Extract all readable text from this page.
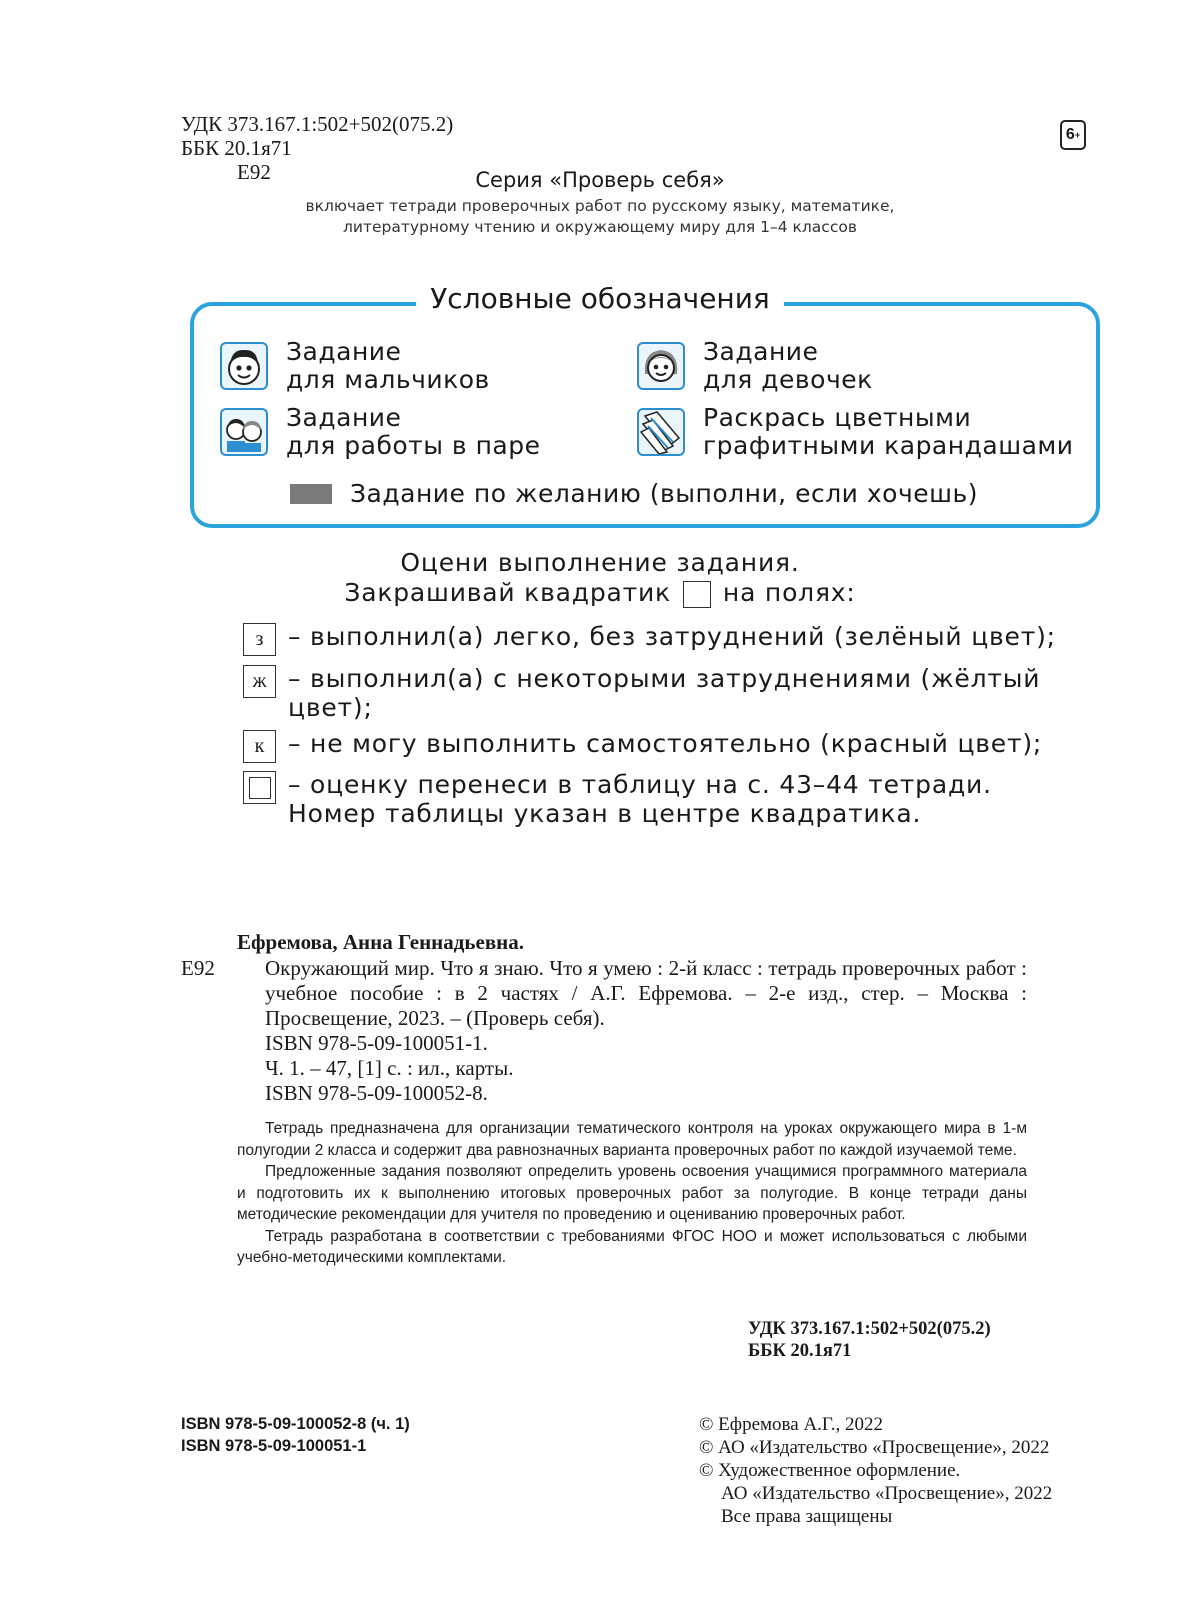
УДК 373.167.1:502+502(075.2)
ББК 20.1я71
Е92
6 +
Серия «Проверь себя»
включает тетради проверочных работ по русскому языку, математике,
литературному чтению и окружающему миру для 1–4 классов
Условные обозначения
Задание
для мальчиков
Задание
для девочек
Задание
для работы в паре
Раскрась цветными
графитными карандашами
Задание по желанию (выполни, если хочешь)
Оцени выполнение задания.
Закрашивай квадратик на полях:
з – выполнил(а) легко, без затруднений (зелёный цвет);
ж – выполнил(а) с некоторыми затруднениями (жёлтый цвет);
к – не могу выполнить самостоятельно (красный цвет);
– оценку перенеси в таблицу на с. 43–44 тетради. Номер таблицы указан в центре квадратика.
Ефремова, Анна Геннадьевна.
Е92	Окружающий мир. Что я знаю. Что я умею : 2-й класс : тетрадь проверочных работ : учебное пособие : в 2 частях / А.Г. Ефремова. – 2-е изд., стер. – Москва : Просвещение, 2023. – (Проверь себя).
ISBN 978-5-09-100051-1.
Ч. 1. – 47, [1] с. : ил., карты.
ISBN 978-5-09-100052-8.

Тетрадь предназначена для организации тематического контроля на уроках окружающего мира в 1-м полугодии 2 класса и содержит два равнозначных варианта проверочных работ по каждой изучаемой теме.

Предложенные задания позволяют определить уровень освоения учащимися программного материала и подготовить их к выполнению итоговых проверочных работ за полугодие. В конце тетради даны методические рекомендации для учителя по проведению и оцениванию проверочных работ.

Тетрадь разработана в соответствии с требованиями ФГОС НОО и может использоваться с любыми учебно-методическими комплектами.

УДК 373.167.1:502+502(075.2)
ББК 20.1я71
ISBN 978-5-09-100052-8 (ч. 1)
ISBN 978-5-09-100051-1
© Ефремова А.Г., 2022
© АО «Издательство «Просвещение», 2022
© Художественное оформление.
АО «Издательство «Просвещение», 2022
Все права защищены
